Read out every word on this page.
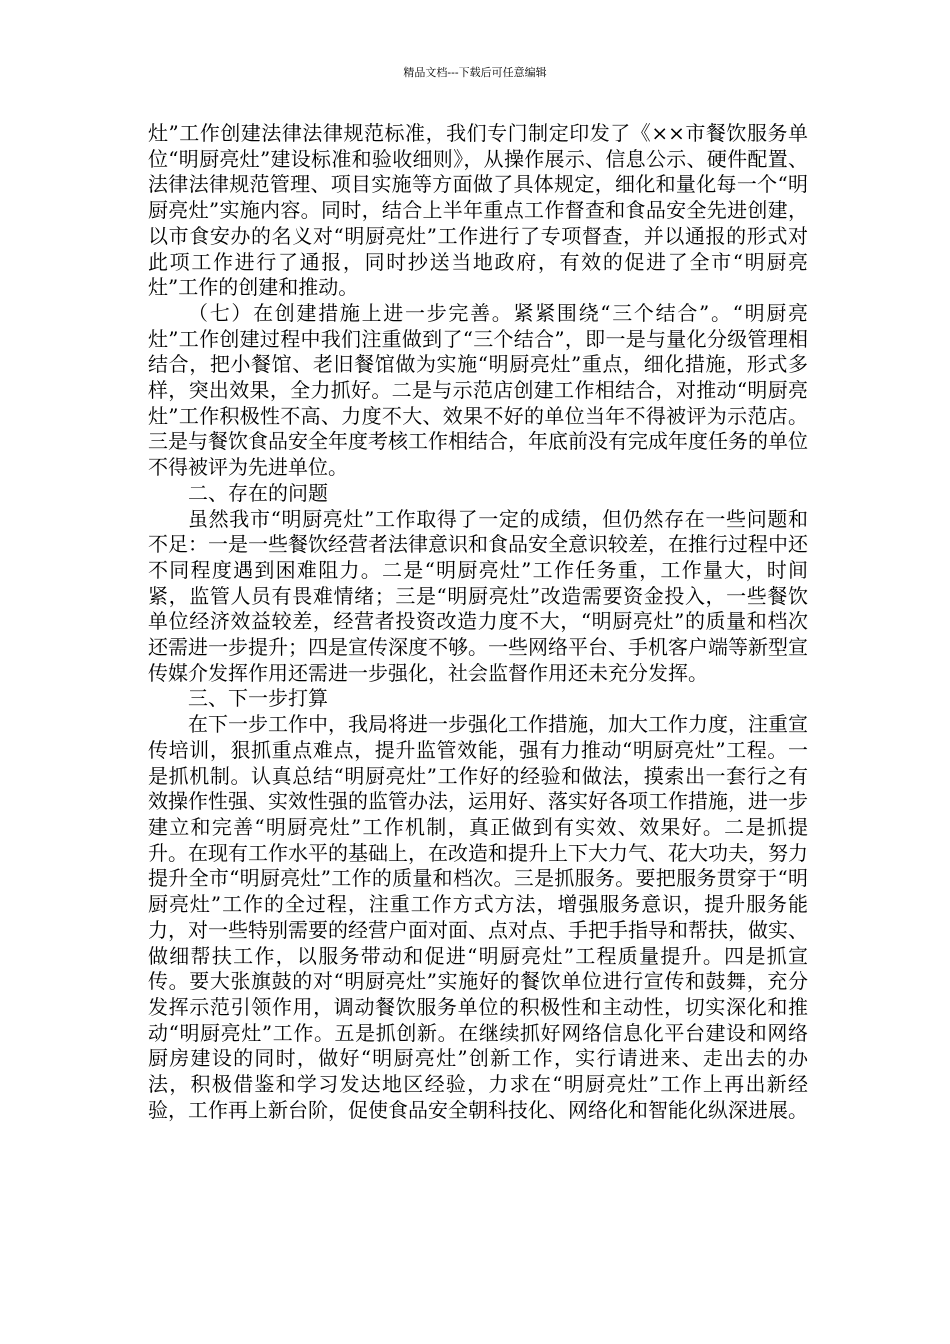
精品文档---下载后可任意编辑

灶”工作创建法律法律规范标准，我们专门制定印发了《××市餐饮服务单位“明厨亮灶”建设标准和验收细则》，从操作展示、信息公示、硬件配置、法律法律规范管理、项目实施等方面做了具体规定，细化和量化每一个“明厨亮灶”实施内容。同时，结合上半年重点工作督查和食品安全先进创建，以市食安办的名义对“明厨亮灶”工作进行了专项督查，并以通报的形式对此项工作进行了通报，同时抄送当地政府，有效的促进了全市“明厨亮灶”工作的创建和推动。

（七）在创建措施上进一步完善。紧紧围绕“三个结合”。“明厨亮灶”工作创建过程中我们注重做到了“三个结合”，即一是与量化分级管理相结合，把小餐馆、老旧餐馆做为实施“明厨亮灶”重点，细化措施，形式多样，突出效果，全力抓好。二是与示范店创建工作相结合，对推动“明厨亮灶”工作积极性不高、力度不大、效果不好的单位当年不得被评为示范店。三是与餐饮食品安全年度考核工作相结合，年底前没有完成年度任务的单位不得被评为先进单位。

二、存在的问题

虽然我市“明厨亮灶”工作取得了一定的成绩，但仍然存在一些问题和不足：一是一些餐饮经营者法律意识和食品安全意识较差，在推行过程中还不同程度遇到困难阻力。二是“明厨亮灶”工作任务重，工作量大，时间紧，监管人员有畏难情绪；三是“明厨亮灶”改造需要资金投入，一些餐饮单位经济效益较差，经营者投资改造力度不大，“明厨亮灶”的质量和档次还需进一步提升；四是宣传深度不够。一些网络平台、手机客户端等新型宣传媒介发挥作用还需进一步强化，社会监督作用还未充分发挥。

三、下一步打算

在下一步工作中，我局将进一步强化工作措施，加大工作力度，注重宣传培训，狠抓重点难点，提升监管效能，强有力推动“明厨亮灶”工程。一是抓机制。认真总结“明厨亮灶”工作好的经验和做法，摸索出一套行之有效操作性强、实效性强的监管办法，运用好、落实好各项工作措施，进一步建立和完善“明厨亮灶”工作机制，真正做到有实效、效果好。二是抓提升。在现有工作水平的基础上，在改造和提升上下大力气、花大功夫，努力提升全市“明厨亮灶”工作的质量和档次。三是抓服务。要把服务贯穿于“明厨亮灶”工作的全过程，注重工作方式方法，增强服务意识，提升服务能力，对一些特别需要的经营户面对面、点对点、手把手指导和帮扶，做实、做细帮扶工作，以服务带动和促进“明厨亮灶”工程质量提升。四是抓宣传。要大张旗鼓的对“明厨亮灶”实施好的餐饮单位进行宣传和鼓舞，充分发挥示范引领作用，调动餐饮服务单位的积极性和主动性，切实深化和推动“明厨亮灶”工作。五是抓创新。在继续抓好网络信息化平台建设和网络厨房建设的同时，做好“明厨亮灶”创新工作，实行请进来、走出去的办法，积极借鉴和学习发达地区经验，力求在“明厨亮灶”工作上再出新经验，工作再上新台阶，促使食品安全朝科技化、网络化和智能化纵深进展。
